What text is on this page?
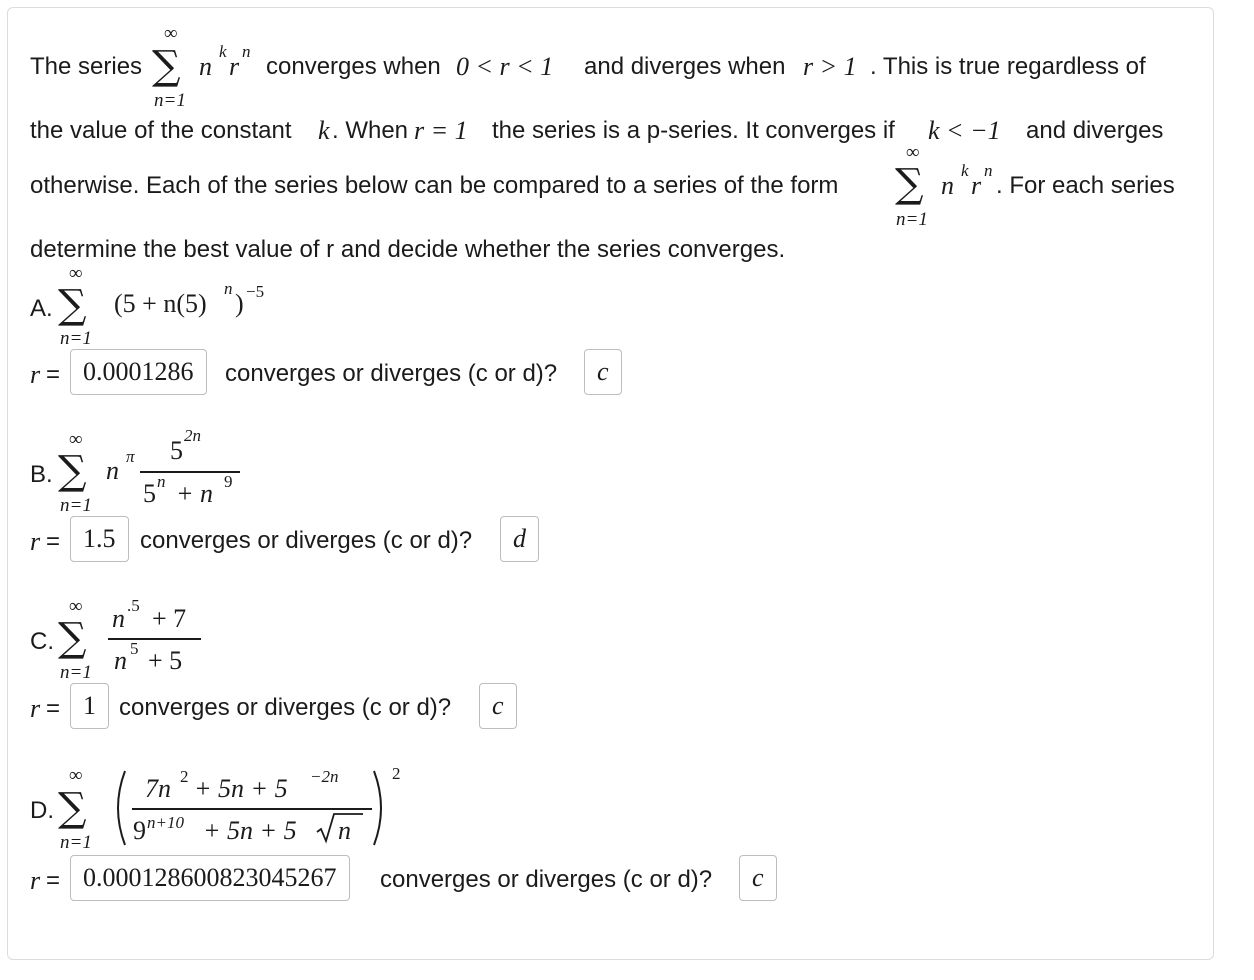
The series
∞
∑
n=1
n
k
r
n
converges when 0 < r < 1 and diverges when r > 1 . This is true regardless of
the value of the constant k . When r = 1 the series is a p-series. It converges if k < −1 and diverges
otherwise. Each of the series below can be compared to a series of the form
∞
∑
n=1
n
k
r
n
. For each series
determine the best value of r and decide whether the series converges.
A.
∞
∑
n=1
(5 + n(5)
n
) −5
r = 0.0001286	converges or diverges (c or d)?	c
B.
∞
∑
n=1
n π 5
2n
5 n + n 9
r = 1.5	converges or diverges (c or d)?	d
C.
∞
∑
n=1
n .5 + 7
n 5 + 5
r = 1 converges or diverges (c or d)?	c
D.
∞
∑
n=1
7n 2 + 5n + 5 −2n
9 n+10 + 5n + 5 n
2
r = 0.000128600823045267	converges or diverges (c or d)?	c
